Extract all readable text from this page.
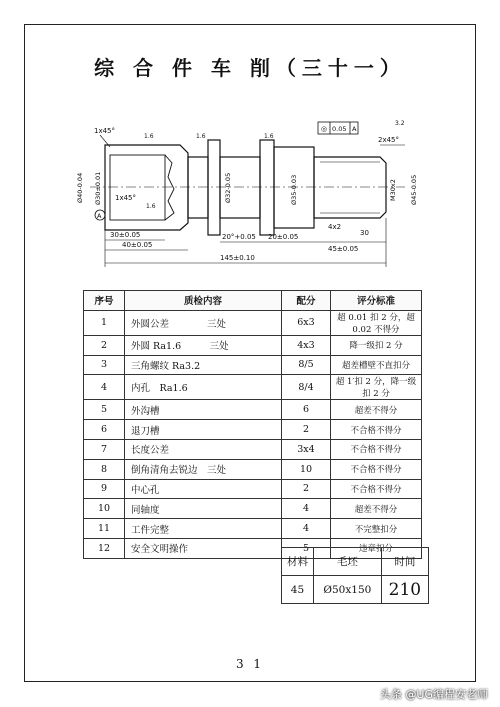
综 合 件 车 削（三十一）
1x45°
1x45°
2x45°
◎ 0.05 A
3.2
1.6	1.6	1.6
1.6
A
Ø40-0.04 Ø30±0.01	Ø32-0.05	Ø35-0.03	M30x2 Ø45-0.05
30±0.05
40±0.05
20°+0.05 20±0.05
4x2
30
45±0.05
145±0.10
序号	质检内容	配分	评分标准
1	外圆公差　　　　三处	6x3	超 0.01 扣 2 分，超 0.02 不得分
2	外圆 Ra1.6　　　三处	4x3	降一级扣 2 分
3	三角螺纹 Ra3.2	8/5	超差槽壁不直扣分
4	内孔　Ra1.6	8/4	超 1′扣 2 分，降一级扣 2 分
5	外沟槽	6	超差不得分
6	退刀槽	2	不合格不得分
7	长度公差	3x4	不合格不得分
8	倒角清角去锐边　三处	10	不合格不得分
9	中心孔	2	不合格不得分
10	同轴度	4	超差不得分
11	工件完整	4	不完整扣分
12	安全文明操作	5	违章扣分
材料	毛坯	时间
45	Ø50x150	210
3 1
头条 @UG编程安老师
